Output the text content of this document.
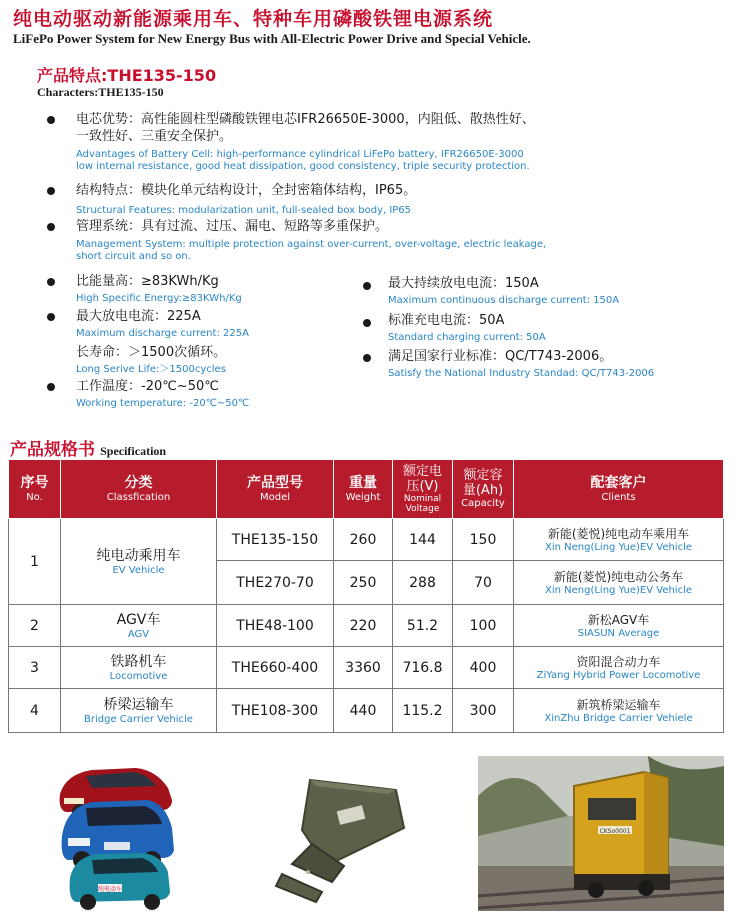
纯电动驱动新能源乘用车、特种车用磷酸铁锂电源系统
LiFePo Power System for New Energy Bus with All-Electric Power Drive and Special Vehicle.
产品特点:THE135-150
Characters:THE135-150
电芯优势：高性能圆柱型磷酸铁锂电芯IFR26650E-3000，内阻低、散热性好、
一致性好、三重安全保护。
Advantages of Battery Cell: high-performance cylindrical LiFePo battery, IFR26650E-3000
low internal resistance, good heat dissipation, good consistency, triple security protection.
结构特点：模块化单元结构设计，全封密箱体结构，IP65。
Structural Features: modularization unit, full-sealed box body, IP65
管理系统：具有过流、过压、漏电、短路等多重保护。
Management System: multiple protection against over-current, over-voltage, electric leakage,
short circuit and so on.
比能量高：≥83KWh/Kg
High Specific Energy:≥83KWh/Kg
最大放电电流：225A
Maximum discharge current: 225A
长寿命：＞1500次循环。
Long Serive Life:＞1500cycles
工作温度：-20℃~50℃
Working temperature: -20℃~50℃
最大持续放电电流：150A
Maximum continuous discharge current: 150A
标准充电电流：50A
Standard charging current: 50A
满足国家行业标准：QC/T743-2006。
Satisfy the National Industry Standad: QC/T743-2006
产品规格书 Specification
序号
No.	分类
Classfication	产品型号
Model	重量
Weight	额定电
压(V)
Nominal
Voltage	额定容
量(Ah)
Capacity	配套客户
Clients

1	纯电动乘用车
EV Vehicle	THE135-150	260	144	150	新能(菱悦)纯电动车乘用车
Xin Neng(Ling Yue)EV Vehicle

		THE270-70	250	288	70	新能(菱悦)纯电动公务车
Xin Neng(Ling Yue)EV Vehicle

2	AGV车
AGV	THE48-100	220	51.2	100	新松AGV车
SIASUN Average

3	铁路机车
Locomotive	THE660-400	3360	716.8	400	资阳混合动力车
ZiYang Hybrid Power Locomotive

4	桥梁运输车
Bridge Carrier Vehicle	THE108-300	440	115.2	300	新筑桥梁运输车
XinZhu Bridge Carrier Vehiele
纯电动车
CKSo0001
